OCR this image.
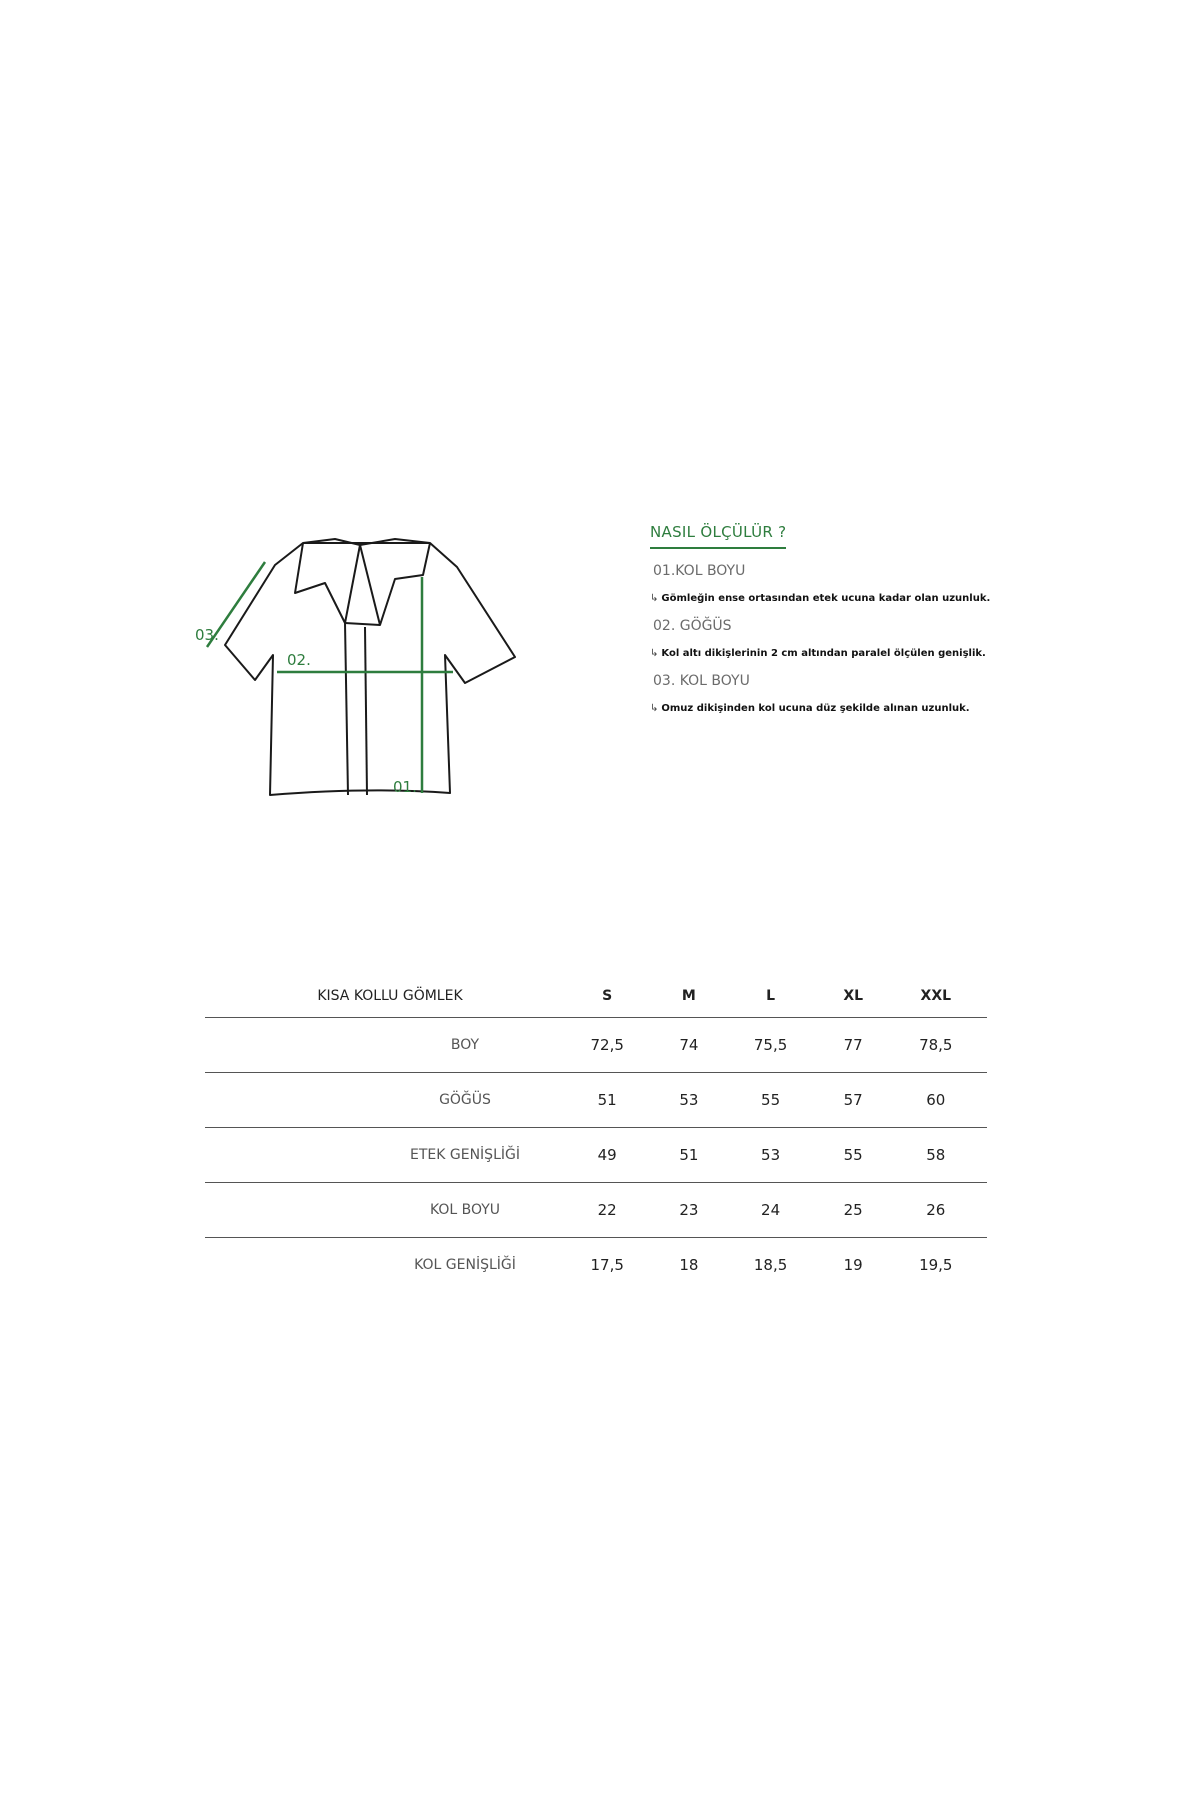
03.
02.
01.
NASIL ÖLÇÜLÜR ?
01.KOL BOYU
↳ Gömleğin ense ortasından etek ucuna kadar olan uzunluk.
02. GÖĞÜS
↳ Kol altı dikişlerinin 2 cm altından paralel ölçülen genişlik.
03. KOL BOYU
↳ Omuz dikişinden kol ucuna düz şekilde alınan uzunluk.
KISA KOLLU GÖMLEK	S	M	L	XL	XXL
BOY	72,5	74	75,5	77	78,5
GÖĞÜS	51	53	55	57	60
ETEK GENİŞLİĞİ	49	51	53	55	58
KOL BOYU	22	23	24	25	26
KOL GENİŞLİĞİ	17,5	18	18,5	19	19,5
